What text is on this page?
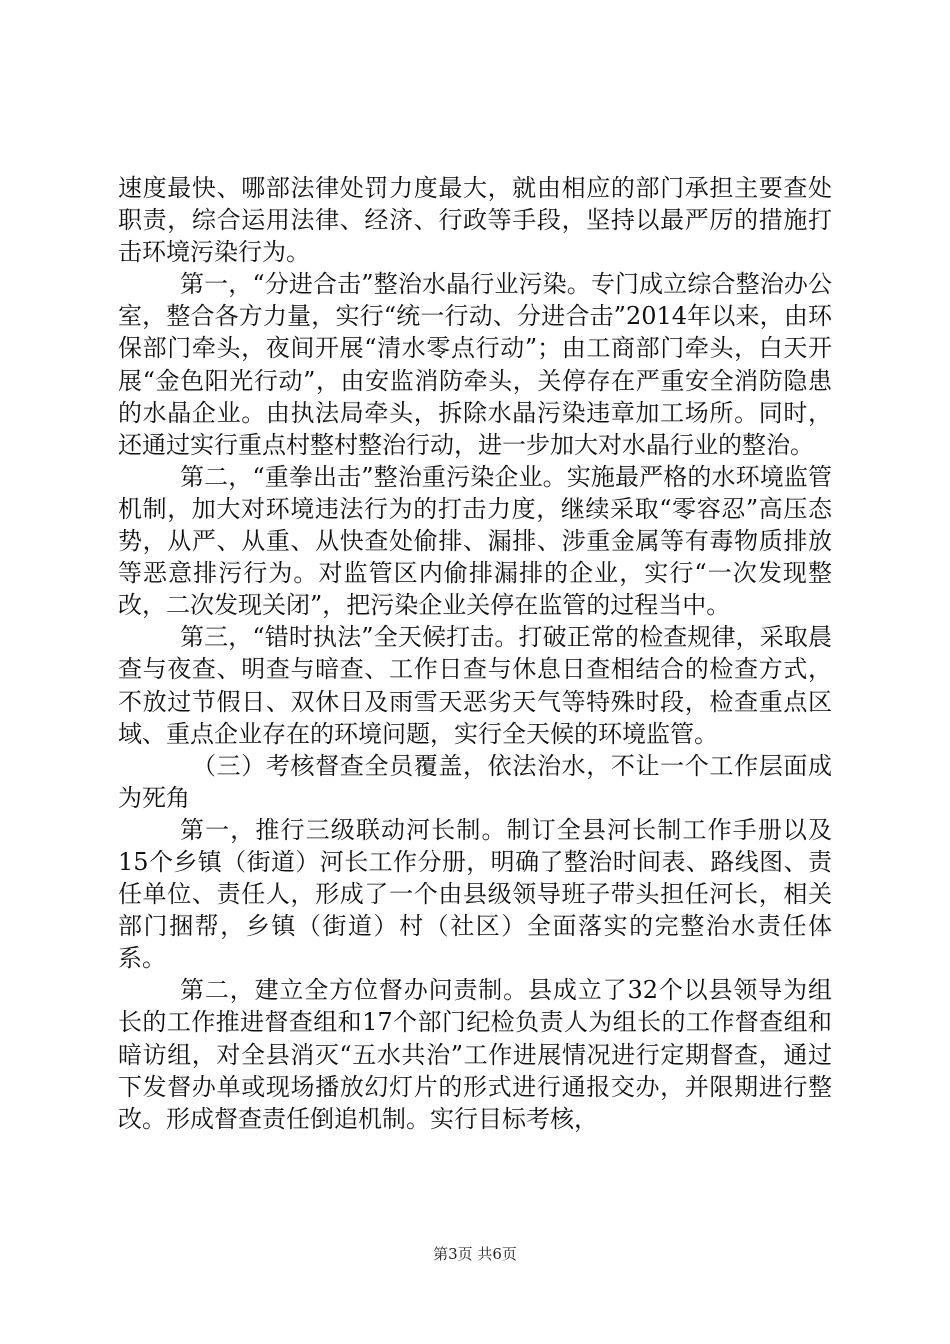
速度最快、哪部法律处罚力度最大，就由相应的部门承担主要查处职责，综合运用法律、经济、行政等手段，坚持以最严厉的措施打击环境污染行为。

第一，“分进合击”整治水晶行业污染。专门成立综合整治办公室，整合各方力量，实行“统一行动、分进合击”2014年以来，由环保部门牵头，夜间开展“清水零点行动”；由工商部门牵头，白天开展“金色阳光行动”，由安监消防牵头，关停存在严重安全消防隐患的水晶企业。由执法局牵头，拆除水晶污染违章加工场所。同时，还通过实行重点村整村整治行动，进一步加大对水晶行业的整治。

第二，“重拳出击”整治重污染企业。实施最严格的水环境监管机制，加大对环境违法行为的打击力度，继续采取“零容忍”高压态势，从严、从重、从快查处偷排、漏排、涉重金属等有毒物质排放等恶意排污行为。对监管区内偷排漏排的企业，实行“一次发现整改，二次发现关闭”，把污染企业关停在监管的过程当中。

第三，“错时执法”全天候打击。打破正常的检查规律，采取晨查与夜查、明查与暗查、工作日查与休息日查相结合的检查方式，不放过节假日、双休日及雨雪天恶劣天气等特殊时段，检查重点区域、重点企业存在的环境问题，实行全天候的环境监管。

（三）考核督查全员覆盖，依法治水，不让一个工作层面成为死角

第一，推行三级联动河长制。制订全县河长制工作手册以及15个乡镇（街道）河长工作分册，明确了整治时间表、路线图、责任单位、责任人，形成了一个由县级领导班子带头担任河长，相关部门捆帮，乡镇（街道）村（社区）全面落实的完整治水责任体系。

第二，建立全方位督办问责制。县成立了32个以县领导为组长的工作推进督查组和17个部门纪检负责人为组长的工作督查组和暗访组，对全县消灭“五水共治”工作进展情况进行定期督查，通过下发督办单或现场播放幻灯片的形式进行通报交办，并限期进行整改。形成督查责任倒追机制。实行目标考核，

第3页 共6页
